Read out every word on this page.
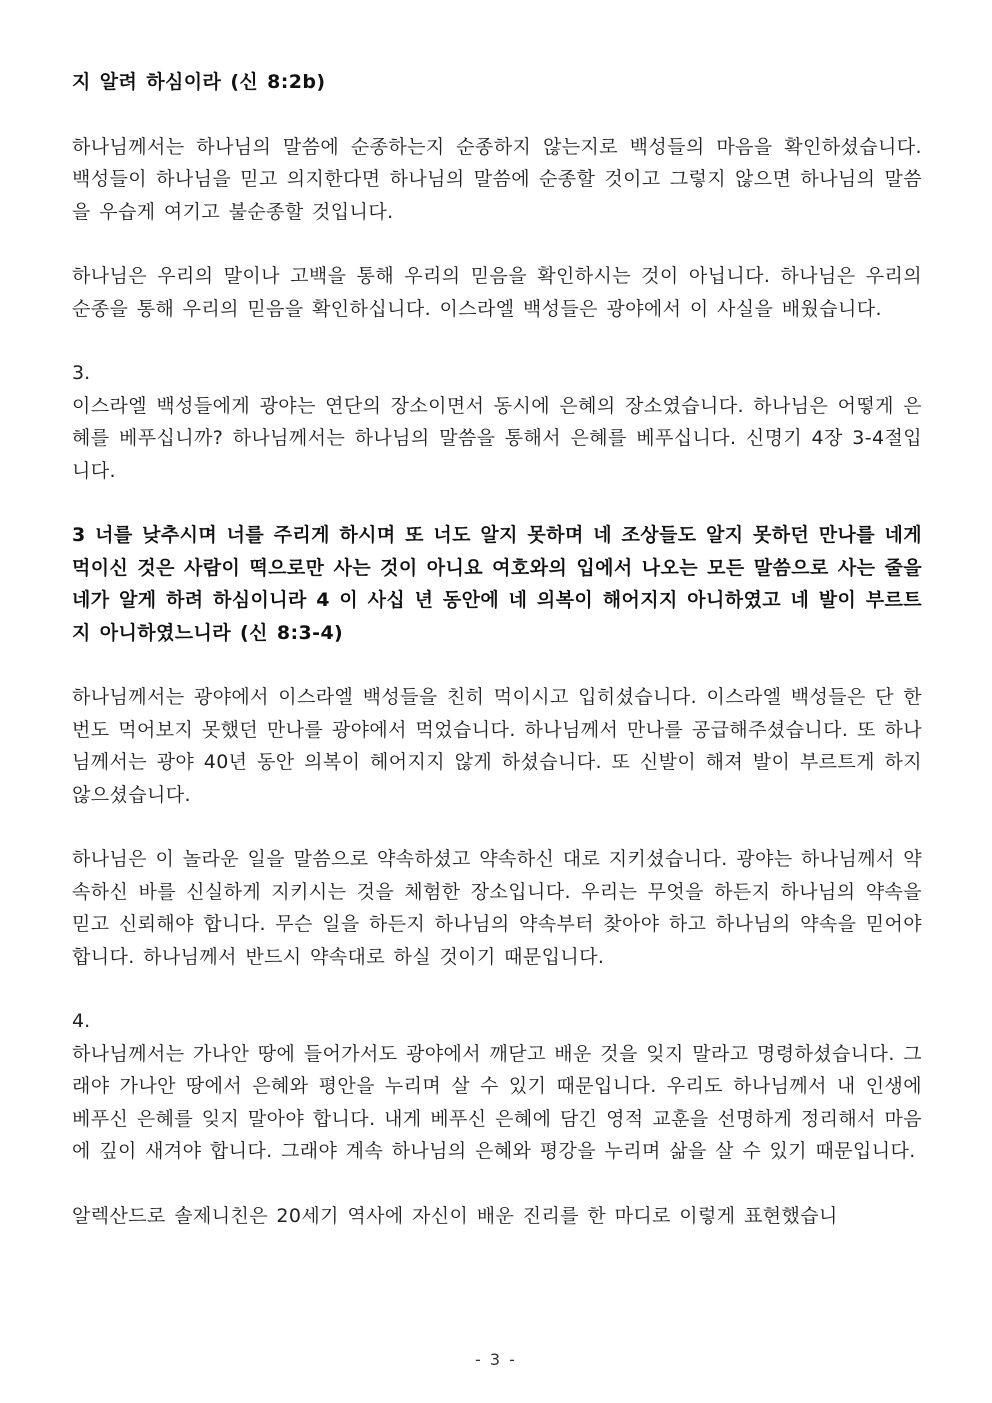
지 알려 하심이라 (신 8:2b)

하나님께서는 하나님의 말씀에 순종하는지 순종하지 않는지로 백성들의 마음을 확인하셨습니다. 백성들이 하나님을 믿고 의지한다면 하나님의 말씀에 순종할 것이고 그렇지 않으면 하나님의 말씀을 우습게 여기고 불순종할 것입니다.

하나님은 우리의 말이나 고백을 통해 우리의 믿음을 확인하시는 것이 아닙니다. 하나님은 우리의 순종을 통해 우리의 믿음을 확인하십니다. 이스라엘 백성들은 광야에서 이 사실을 배웠습니다.

3.

이스라엘 백성들에게 광야는 연단의 장소이면서 동시에 은혜의 장소였습니다. 하나님은 어떻게 은혜를 베푸십니까? 하나님께서는 하나님의 말씀을 통해서 은혜를 베푸십니다. 신명기 4장 3-4절입니다.

3 너를 낮추시며 너를 주리게 하시며 또 너도 알지 못하며 네 조상들도 알지 못하던 만나를 네게 먹이신 것은 사람이 떡으로만 사는 것이 아니요 여호와의 입에서 나오는 모든 말씀으로 사는 줄을 네가 알게 하려 하심이니라 4 이 사십 년 동안에 네 의복이 해어지지 아니하였고 네 발이 부르트지 아니하였느니라 (신 8:3-4)

하나님께서는 광야에서 이스라엘 백성들을 친히 먹이시고 입히셨습니다. 이스라엘 백성들은 단 한 번도 먹어보지 못했던 만나를 광야에서 먹었습니다. 하나님께서 만나를 공급해주셨습니다. 또 하나님께서는 광야 40년 동안 의복이 헤어지지 않게 하셨습니다. 또 신발이 해져 발이 부르트게 하지 않으셨습니다.

하나님은 이 놀라운 일을 말씀으로 약속하셨고 약속하신 대로 지키셨습니다. 광야는 하나님께서 약속하신 바를 신실하게 지키시는 것을 체험한 장소입니다. 우리는 무엇을 하든지 하나님의 약속을 믿고 신뢰해야 합니다. 무슨 일을 하든지 하나님의 약속부터 찾아야 하고 하나님의 약속을 믿어야 합니다. 하나님께서 반드시 약속대로 하실 것이기 때문입니다.

4.

하나님께서는 가나안 땅에 들어가서도 광야에서 깨닫고 배운 것을 잊지 말라고 명령하셨습니다. 그래야 가나안 땅에서 은혜와 평안을 누리며 살 수 있기 때문입니다. 우리도 하나님께서 내 인생에 베푸신 은혜를 잊지 말아야 합니다. 내게 베푸신 은혜에 담긴 영적 교훈을 선명하게 정리해서 마음에 깊이 새겨야 합니다. 그래야 계속 하나님의 은혜와 평강을 누리며 삶을 살 수 있기 때문입니다.

알렉산드로 솔제니친은 20세기 역사에 자신이 배운 진리를 한 마디로 이렇게 표현했습니

- 3 -
